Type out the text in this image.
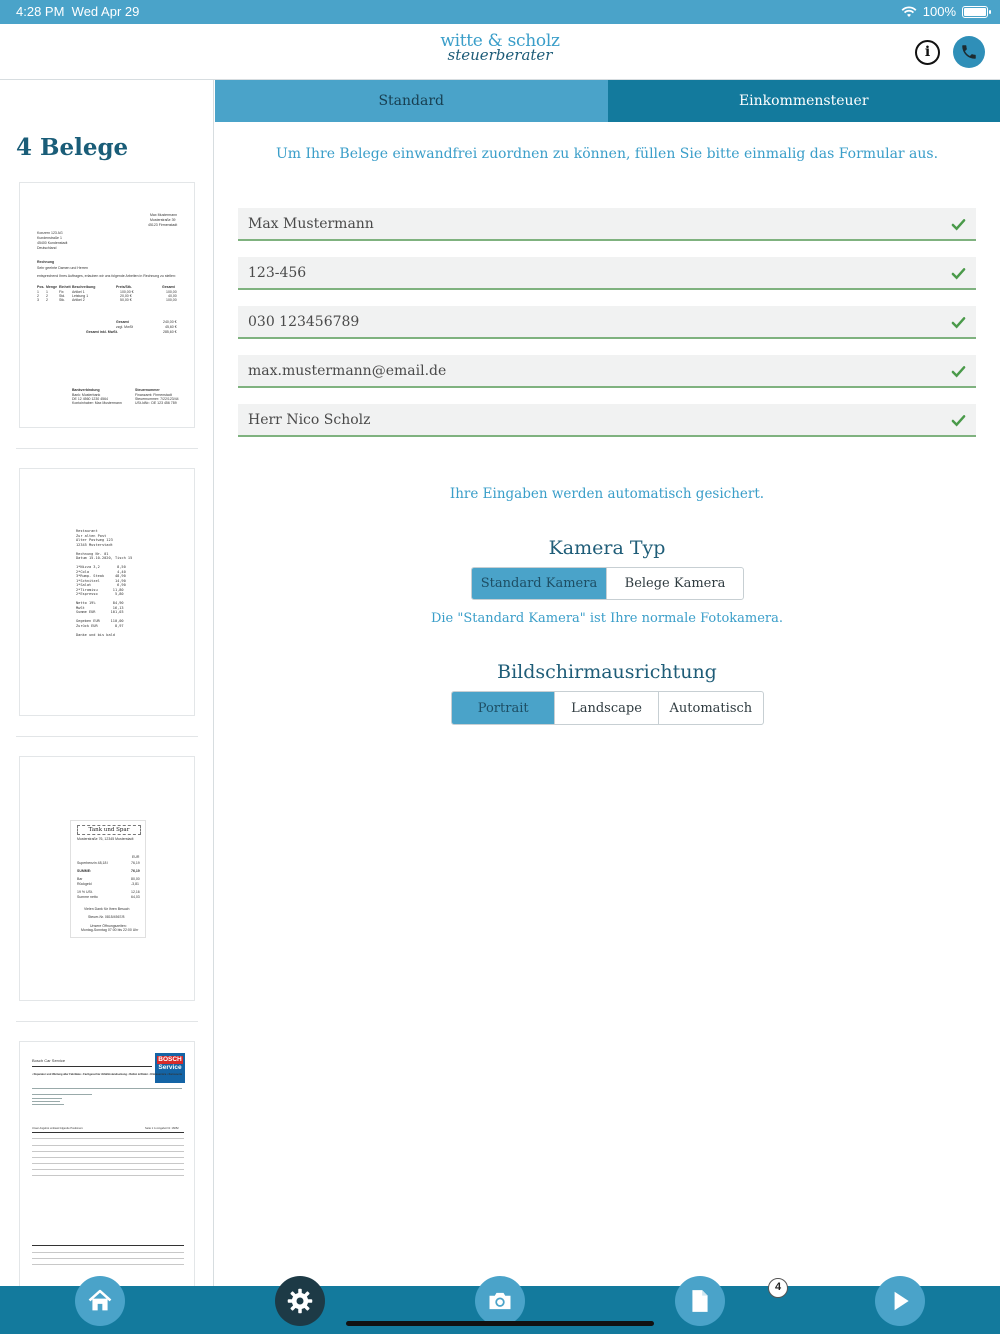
4:28 PM Wed Apr 29	100%
witte & scholz
steuerberater	i
4 Belege
Max Mustermann
Musterstraße 39
45123 Firmenstadt
Konzern 123 AG
Kundenstraße 1
45400 Kundenstadt
Deutschland
Rechnung
Sehr geehrte Damen und Herren
entsprechend Ihres Auftrages, erlauben wir uns folgende Arbeiten in Rechnung zu stellen:
Pos. Menge Einheit Beschreibung	Preis/Stk.	Gesamt
1 1	Fix Artikel 1	100,00 €	100,00
2 2	Std. Leistung 1	20,00 €	40,00
3 2	Stk. Artikel 2	50,00 €	100,00
Gesamt	240,00 €
zzgl. MwSt	45,60 €
Gesamt inkl. MwSt.	285,60 €
Bankverbindung
Bank: Musterbank
DE 12 4560 1230 4564
Kontoinhaber: Max Mustermann
Steuernummer
Finanzamt: Firmenstadt
Steuernummer: 7/22/123/44
USt-IdNr.: DE 123 456 789
Restaurant
Zur alten Post
Alter Postweg 123
12345 Musterstadt

Rechnung Nr. 01
Datum 15.10.2020, Tisch 15

1*Nizza 3,2        8,50
2*Cola             4,40
3*Rump. Steak     48,90
1*Schnitzel       14,90
1*Salat            6,90
2*Tiramisu       11,80
2*Espresso        5,80

Netto 19%        84,90
MwSt             16,13
Summe EUR       101,03

Gegeben EUR     110,00
Zurück EUR        8,97

Danke und bis bald
Tank und Spar
Musterstraße 76, 12345 Musterstadt
EUR
Superbenzin 48,18 l	76,19
SUMME:	76,19
Bar	80,00
Rückgeld	-3,81
19 % USt.	12,16
Summe netto	64,03
Vielen Dank für Ihren Besuch
Steuer-Nr. 0815/4567/8
Unsere Öffnungszeiten:
Montag-Sonntag 07:00 bis 22:00 Uhr
Bosch Car Service	BOSCH
Service
• Reparatur und Wartung aller Fabrikate • Fachgerechte Unfallinstandsetzung • Reifen & Räder • Klimaservice • Karosserie
Unser Angebot umfasst folgende Positionen:	Seite 1 zu Angebot Nr. 16052
Standard	Einkommensteuer
Um Ihre Belege einwandfrei zuordnen zu können, füllen Sie bitte einmalig das Formular aus.
Max Mustermann
123-456
030 123456789
max.mustermann@email.de
Herr Nico Scholz
Ihre Eingaben werden automatisch gesichert.
Kamera Typ
Standard Kamera	Belege Kamera
Die "Standard Kamera" ist Ihre normale Fotokamera.
Bildschirmausrichtung
Portrait	Landscape	Automatisch
4
